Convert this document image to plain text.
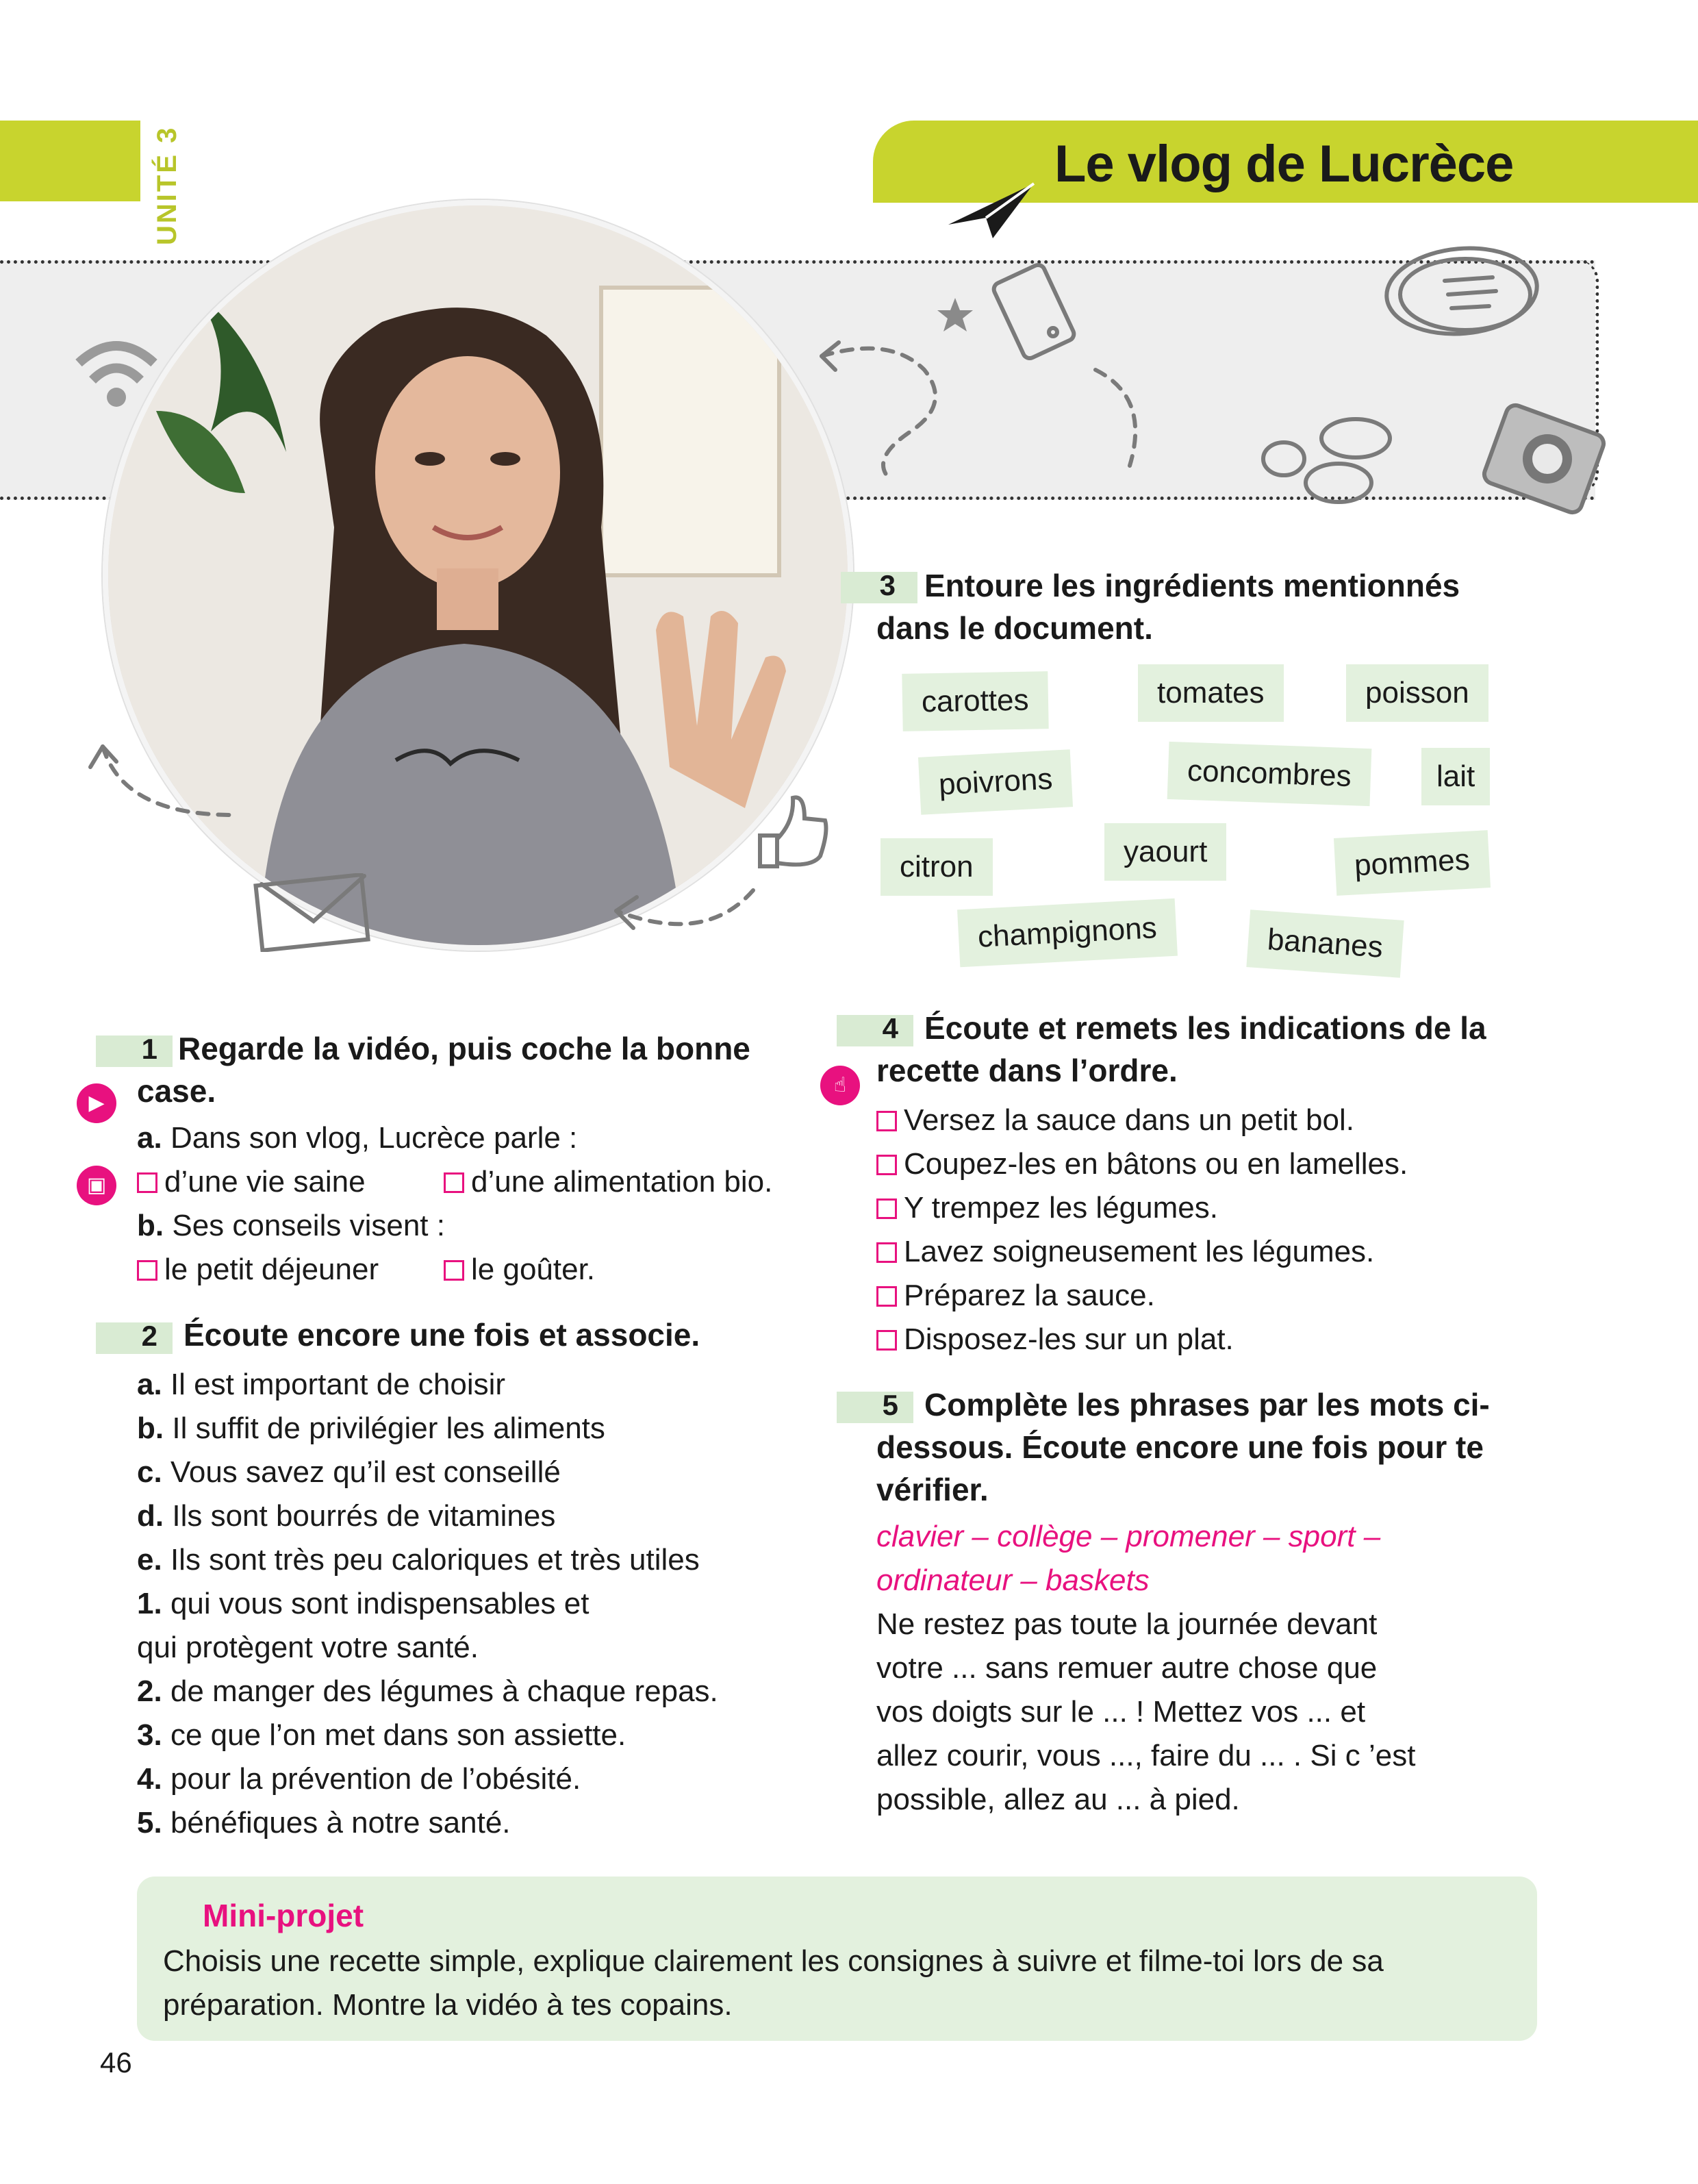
UNITÉ 3	Le vlog de Lucrèce
3 Entoure les ingrédients mentionnés dans le document.
carottes	tomates	poisson
poivrons	concombres	lait
citron	yaourt	pommes
champignons	bananes
1 Regarde la vidéo, puis coche la bonne case.
▶
▣
a. Dans son vlog, Lucrèce parle :
d’une vie saine	d’une alimentation bio.
b. Ses conseils visent :
le petit déjeuner	le goûter.
2 Écoute encore une fois et associe.
a. Il est important de choisir
b. Il suffit de privilégier les aliments
c. Vous savez qu’il est conseillé
d. Ils sont bourrés de vitamines
e. Ils sont très peu caloriques et très utiles
1. qui vous sont indispensables et
qui protègent votre santé.
2. de manger des légumes à chaque repas.
3. ce que l’on met dans son assiette.
4. pour la prévention de l’obésité.
5. bénéfiques à notre santé.
4 Écoute et remets les indications de la recette dans l’ordre.
☝
Versez la sauce dans un petit bol.
Coupez-les en bâtons ou en lamelles.
Y trempez les légumes.
Lavez soigneusement les légumes.
Préparez la sauce.
Disposez-les sur un plat.
5 Complète les phrases par les mots ci-dessous. Écoute encore une fois pour te vérifier.
clavier – collège – promener – sport –
ordinateur – baskets
Ne restez pas toute la journée devant
votre ... sans remuer autre chose que
vos doigts sur le ... ! Mettez vos ... et
allez courir, vous ..., faire du ... . Si c ’est
possible, allez au ... à pied.
Mini-projet
Choisis une recette simple, explique clairement les consignes à suivre et filme-toi lors de sa
préparation. Montre la vidéo à tes copains.
46
